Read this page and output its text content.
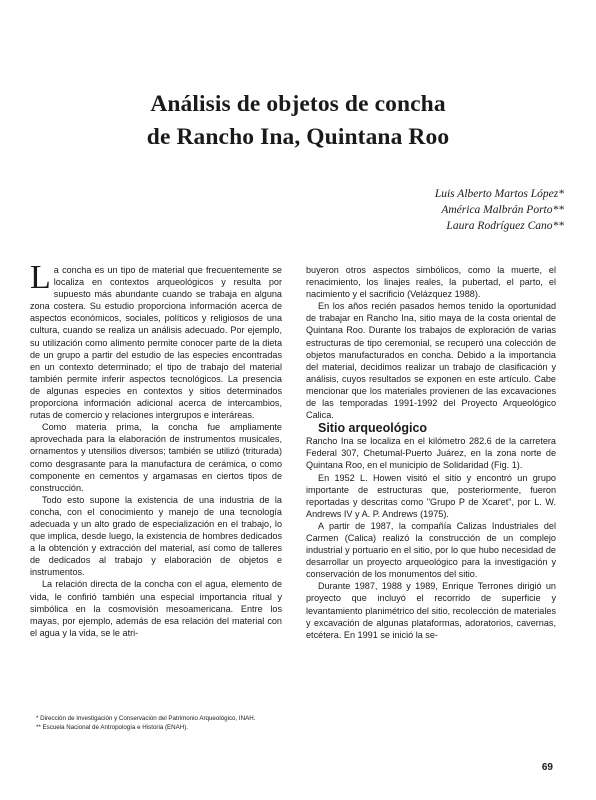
Análisis de objetos de concha
de Rancho Ina, Quintana Roo
Luis Alberto Martos López*
América Malbrán Porto**
Laura Rodríguez Cano**

La concha es un tipo de material que frecuentemente se localiza en contextos arqueológicos y resulta por supuesto más abundante cuando se trabaja en alguna zona costera. Su estudio proporciona información acerca de aspectos económicos, sociales, políticos y religiosos de una cultura, cuando se realiza un análisis adecuado. Por ejemplo, su utilización como alimento permite conocer parte de la dieta de un grupo a partir del estudio de las especies encontradas en un contexto determinado; el tipo de trabajo del material también permite inferir aspectos tecnológicos. La presencia de algunas especies en contextos y sitios determinados proporciona información adicional acerca de intercambios, rutas de comercio y relaciones intergrupos e interáreas.

Como materia prima, la concha fue ampliamente aprovechada para la elaboración de instrumentos musicales, ornamentos y utensilios diversos; también se utilizó (triturada) como desgrasante para la manufactura de cerámica, o como componente en cementos y argamasas en ciertos tipos de construcción.

Todo esto supone la existencia de una industria de la concha, con el conocimiento y manejo de una tecnología adecuada y un alto grado de especialización en el trabajo, lo que implica, desde luego, la existencia de hombres dedicados a la obtención y extracción del material, así como de talleres de dedicados al trabajo y elaboración de objetos e instrumentos.

La relación directa de la concha con el agua, elemento de vida, le confirió también una especial importancia ritual y simbólica en la cosmovisión mesoamericana. Entre los mayas, por ejemplo, además de esa relación del material con el agua y la vida, se le atri-

buyeron otros aspectos simbólicos, como la muerte, el renacimiento, los linajes reales, la pubertad, el parto, el nacimiento y el sacrificio (Velázquez 1988).

En los años recién pasados hemos tenido la oportunidad de trabajar en Rancho Ina, sitio maya de la costa oriental de Quintana Roo. Durante los trabajos de exploración de varias estructuras de tipo ceremonial, se recuperó una colección de objetos manufacturados en concha. Debido a la importancia del material, decidimos realizar un trabajo de clasificación y análisis, cuyos resultados se exponen en este artículo. Cabe mencionar que los materiales provienen de las excavaciones de las temporadas 1991-1992 del Proyecto Arqueológico Calica.

Sitio arqueológico

Rancho Ina se localiza en el kilómetro 282.6 de la carretera Federal 307, Chetumal-Puerto Juárez, en la zona norte de Quintana Roo, en el municipio de Solidaridad (Fig. 1).

En 1952 L. Howen visitó el sitio y encontró un grupo importante de estructuras que, posteriormente, fueron reportadas y descritas como "Grupo P de Xcaret", por L. W. Andrews IV y A. P. Andrews (1975).

A partir de 1987, la compañía Calizas Industriales del Carmen (Calica) realizó la construcción de un complejo industrial y portuario en el sitio, por lo que hubo necesidad de desarrollar un proyecto arqueológico para la investigación y conservación de los monumentos del sitio.

Durante 1987, 1988 y 1989, Enrique Terrones dirigió un proyecto que incluyó el recorrido de superficie y levantamiento planimétrico del sitio, recolección de materiales y excavación de algunas plataformas, adoratorios, cavernas, etcétera. En 1991 se inició la se-

* Dirección de Investigación y Conservación del Patrimonio Arqueológico, INAH.
** Escuela Nacional de Antropología e Historia (ENAH).
69
